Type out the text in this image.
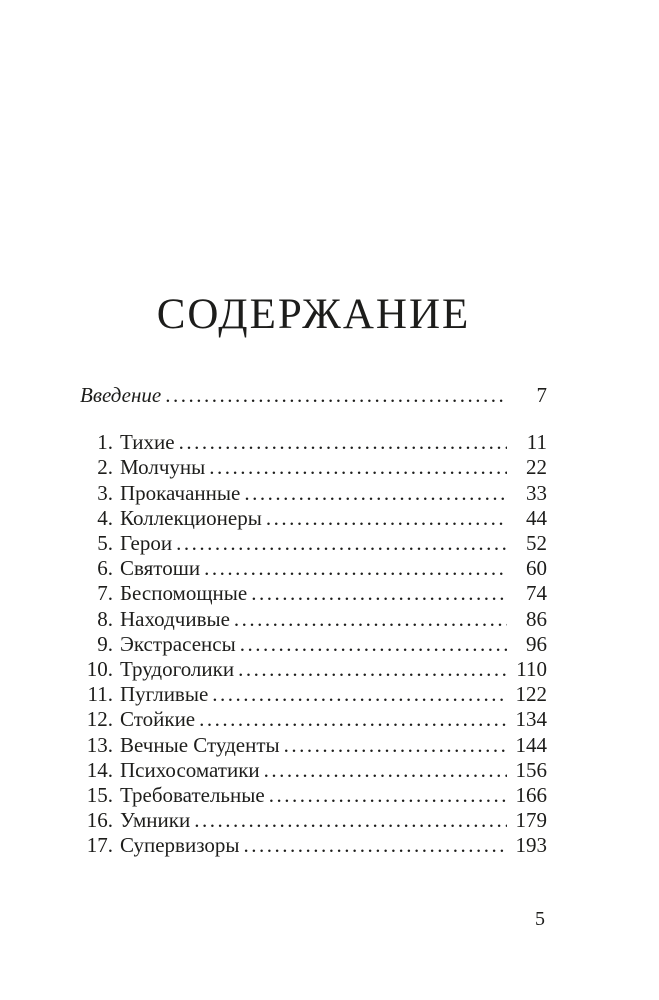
СОДЕРЖАНИЕ
Введение .....	7
1. Тихие .....	11
2. Молчуны .....	22
3. Прокачанные .....	33
4. Коллекционеры .....	44
5. Герои .....	52
6. Святоши .....	60
7. Беспомощные .....	74
8. Находчивые .....	86
9. Экстрасенсы .....	96
10. Трудоголики .....	110
11. Пугливые .....	122
12. Стойкие .....	134
13. Вечные Студенты .....	144
14. Психосоматики .....	156
15. Требовательные .....	166
16. Умники .....	179
17. Супервизоры .....	193
5
